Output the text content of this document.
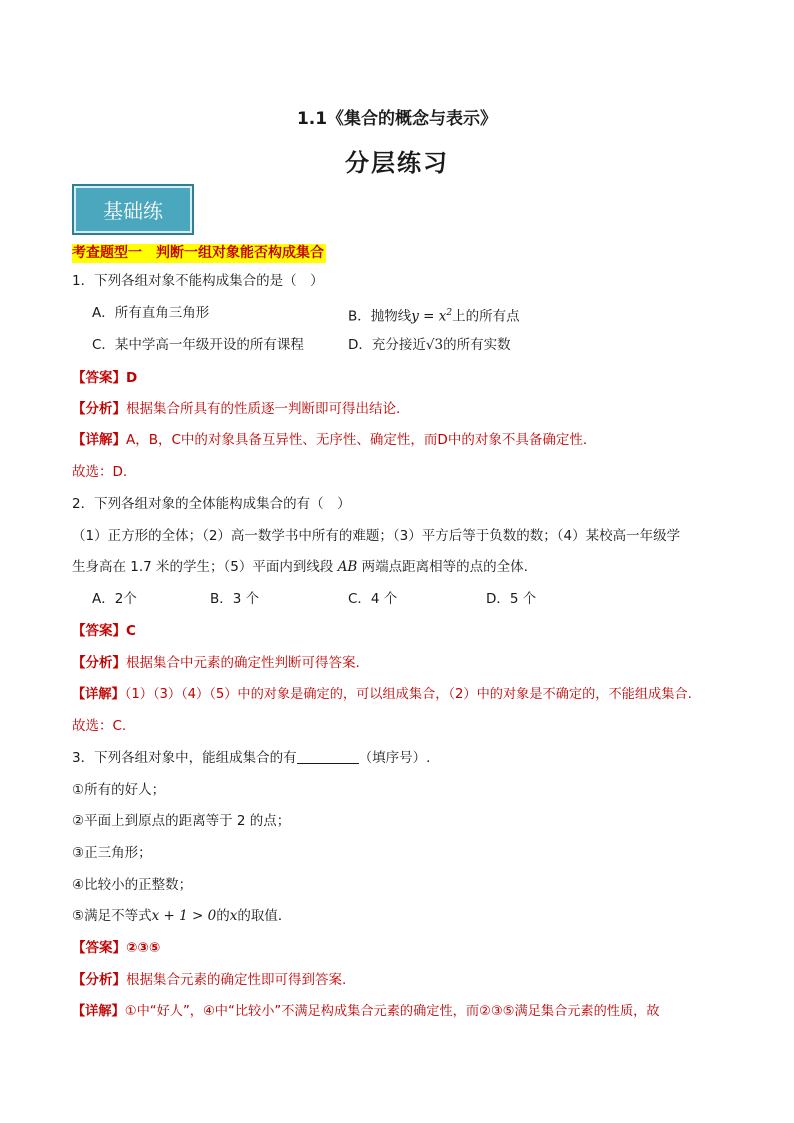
1.1《集合的概念与表示》
分层练习
基础练
考查题型一　判断一组对象能否构成集合
1．下列各组对象不能构成集合的是（　）
A．所有直角三角形	B．抛物线$y = x^2$上的所有点
C．某中学高一年级开设的所有课程	D．充分接近√3的所有实数
【答案】D
【分析】根据集合所具有的性质逐一判断即可得出结论.
【详解】A，B，C中的对象具备互异性、无序性、确定性，而D中的对象不具备确定性．
故选：D.
2．下列各组对象的全体能构成集合的有（　）
（1）正方形的全体；（2）高一数学书中所有的难题；（3）平方后等于负数的数；（4）某校高一年级学
生身高在 1.7 米的学生；（5）平面内到线段 AB 两端点距离相等的点的全体.
A．2个	B．3 个	C．4 个	D．5 个
【答案】C
【分析】根据集合中元素的确定性判断可得答案.
【详解】（1）（3）（4）（5）中的对象是确定的，可以组成集合，（2）中的对象是不确定的，不能组成集合.
故选：C.
3．下列各组对象中，能组成集合的有	（填序号）.
①所有的好人；
②平面上到原点的距离等于 2 的点；
③正三角形；
④比较小的正整数；
⑤满足不等式x + 1 > 0的x的取值．
【答案】②③⑤
【分析】根据集合元素的确定性即可得到答案.
【详解】①中“好人”，④中“比较小”不满足构成集合元素的确定性，而②③⑤满足集合元素的性质，故
